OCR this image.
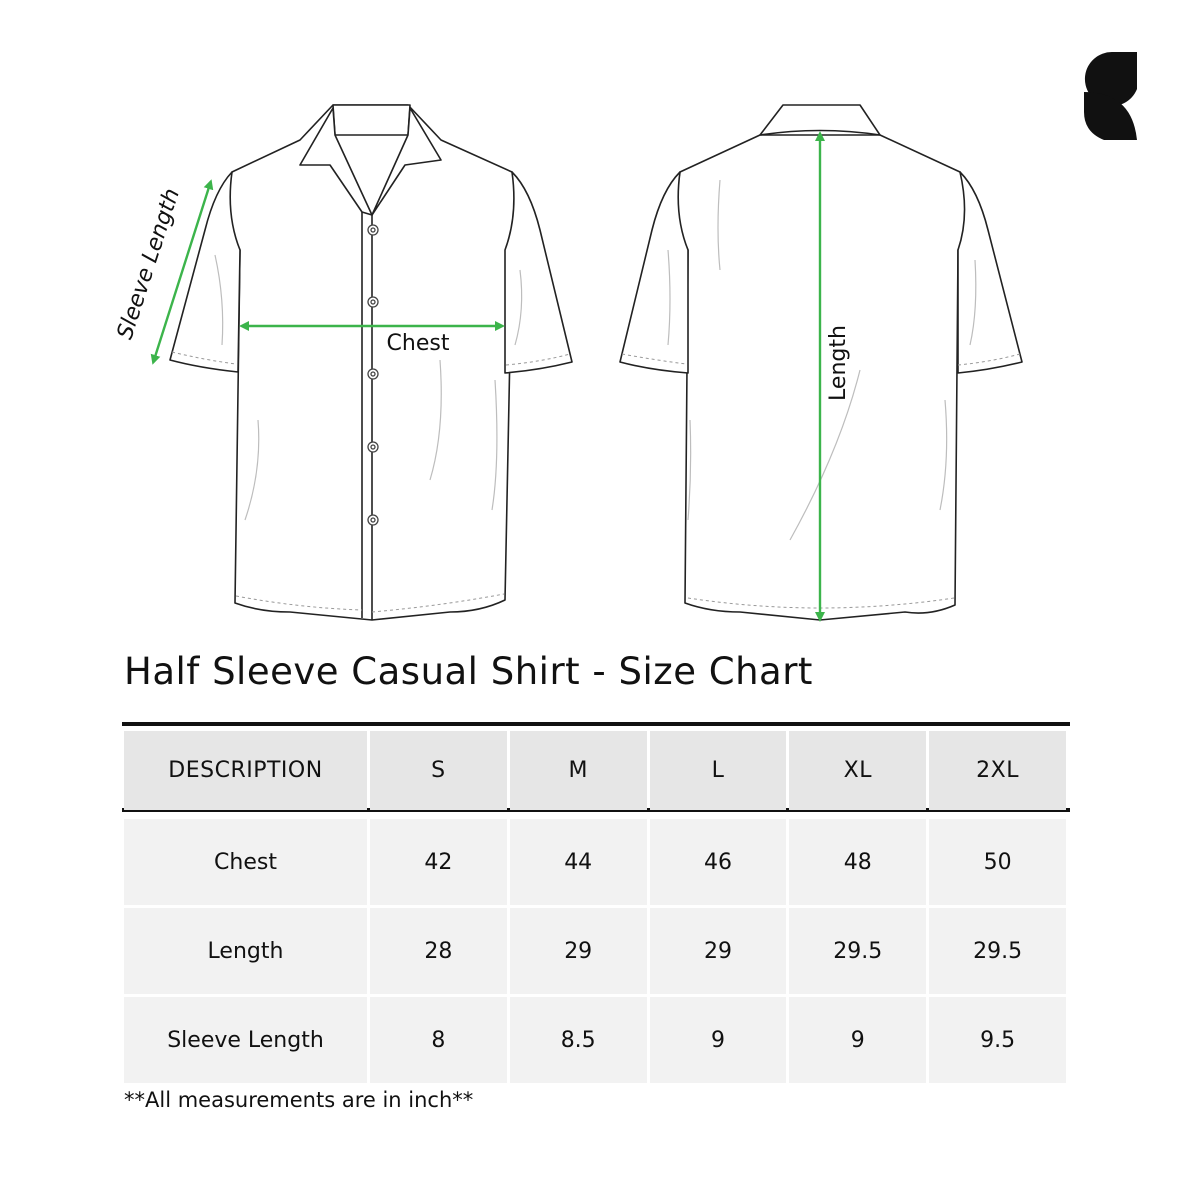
Sleeve Length
Chest	Length
Half Sleeve Casual Shirt - Size Chart
DESCRIPTION	S	M	L	XL	2XL

Chest	42	44	46	48	50
Length	28	29	29	29.5	29.5
Sleeve Length	8	8.5	9	9	9.5
**All measurements are in inch**
